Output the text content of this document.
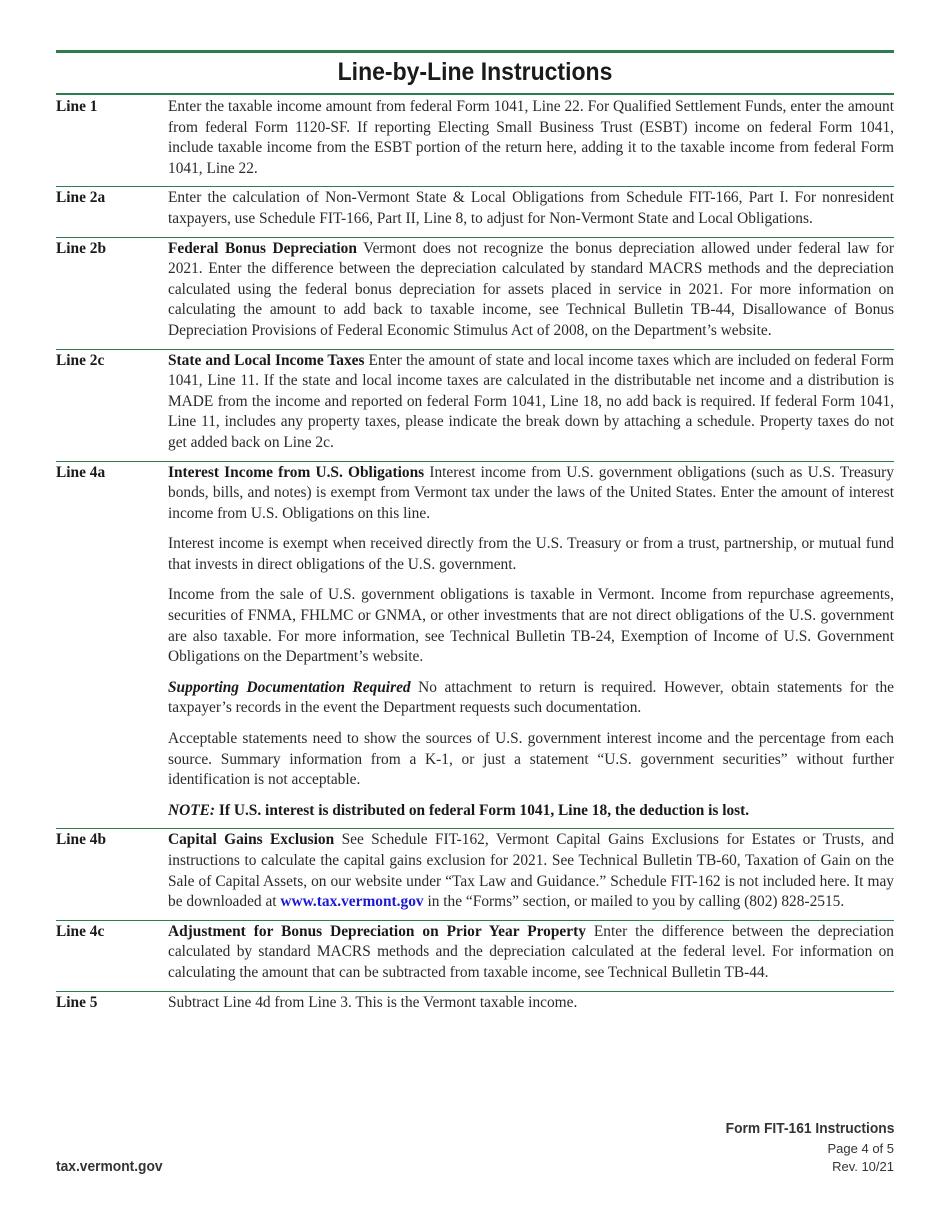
Line-by-Line Instructions
Line 1	Enter the taxable income amount from federal Form 1041, Line 22. For Qualified Settlement Funds, enter the amount from federal Form 1120-SF. If reporting Electing Small Business Trust (ESBT) income on federal Form 1041, include taxable income from the ESBT portion of the return here, adding it to the taxable income from federal Form 1041, Line 22.

Line 2a	Enter the calculation of Non-Vermont State & Local Obligations from Schedule FIT-166, Part I. For nonresident taxpayers, use Schedule FIT-166, Part II, Line 8, to adjust for Non-Vermont State and Local Obligations.

Line 2b	Federal Bonus Depreciation Vermont does not recognize the bonus depreciation allowed under federal law for 2021. Enter the difference between the depreciation calculated by standard MACRS methods and the depreciation calculated using the federal bonus depreciation for assets placed in service in 2021. For more information on calculating the amount to add back to taxable income, see Technical Bulletin TB-44, Disallowance of Bonus Depreciation Provisions of Federal Economic Stimulus Act of 2008, on the Department’s website.

Line 2c	State and Local Income Taxes Enter the amount of state and local income taxes which are included on federal Form 1041, Line 11. If the state and local income taxes are calculated in the distributable net income and a distribution is MADE from the income and reported on federal Form 1041, Line 18, no add back is required. If federal Form 1041, Line 11, includes any property taxes, please indicate the break down by attaching a schedule. Property taxes do not get added back on Line 2c.

Line 4a	Interest Income from U.S. Obligations Interest income from U.S. government obligations (such as U.S. Treasury bonds, bills, and notes) is exempt from Vermont tax under the laws of the United States. Enter the amount of interest income from U.S. Obligations on this line.

Interest income is exempt when received directly from the U.S. Treasury or from a trust, partnership, or mutual fund that invests in direct obligations of the U.S. government.

Income from the sale of U.S. government obligations is taxable in Vermont. Income from repurchase agreements, securities of FNMA, FHLMC or GNMA, or other investments that are not direct obligations of the U.S. government are also taxable. For more information, see Technical Bulletin TB-24, Exemption of Income of U.S. Government Obligations on the Department’s website.

Supporting Documentation Required No attachment to return is required. However, obtain statements for the taxpayer’s records in the event the Department requests such documentation.

Acceptable statements need to show the sources of U.S. government interest income and the percentage from each source. Summary information from a K-1, or just a statement “U.S. government securities” without further identification is not acceptable.

NOTE: If U.S. interest is distributed on federal Form 1041, Line 18, the deduction is lost.

Line 4b	Capital Gains Exclusion See Schedule FIT-162, Vermont Capital Gains Exclusions for Estates or Trusts, and instructions to calculate the capital gains exclusion for 2021. See Technical Bulletin TB-60, Taxation of Gain on the Sale of Capital Assets, on our website under “Tax Law and Guidance.” Schedule FIT-162 is not included here. It may be downloaded at www.tax.vermont.gov in the “Forms” section, or mailed to you by calling (802) 828-2515.

Line 4c	Adjustment for Bonus Depreciation on Prior Year Property Enter the difference between the depreciation calculated by standard MACRS methods and the depreciation calculated at the federal level. For information on calculating the amount that can be subtracted from taxable income, see Technical Bulletin TB-44.

Line 5	Subtract Line 4d from Line 3. This is the Vermont taxable income.

Form FIT-161 Instructions
Page 4 of 5
Rev. 10/21
tax.vermont.gov
